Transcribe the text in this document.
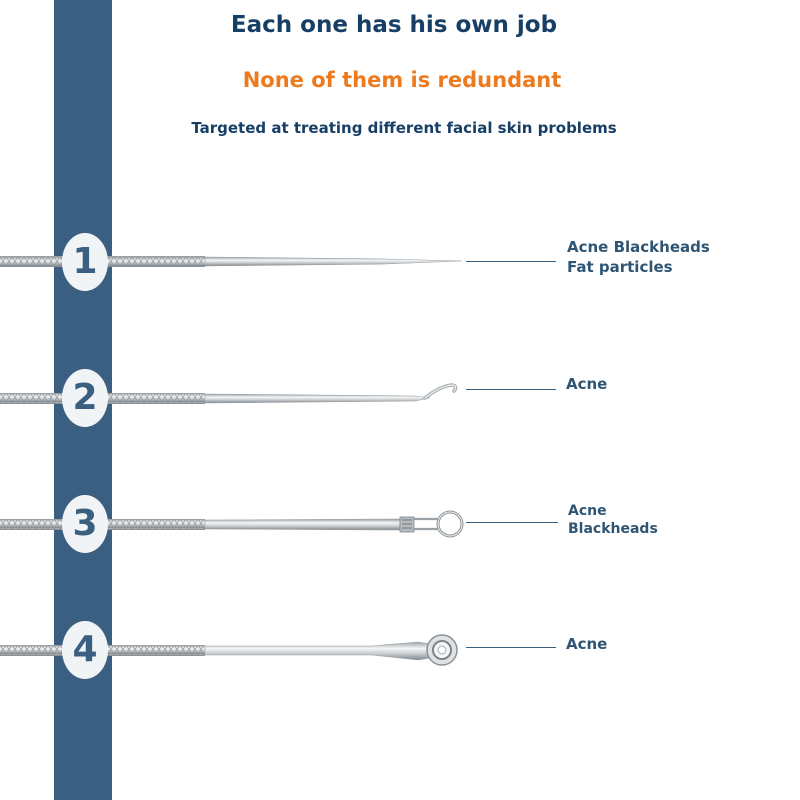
Each one has his own job
None of them is redundant
Targeted at treating different facial skin problems
1	Acne Blackheads
Fat particles
2	Acne
3	Acne
Blackheads
4	Acne
